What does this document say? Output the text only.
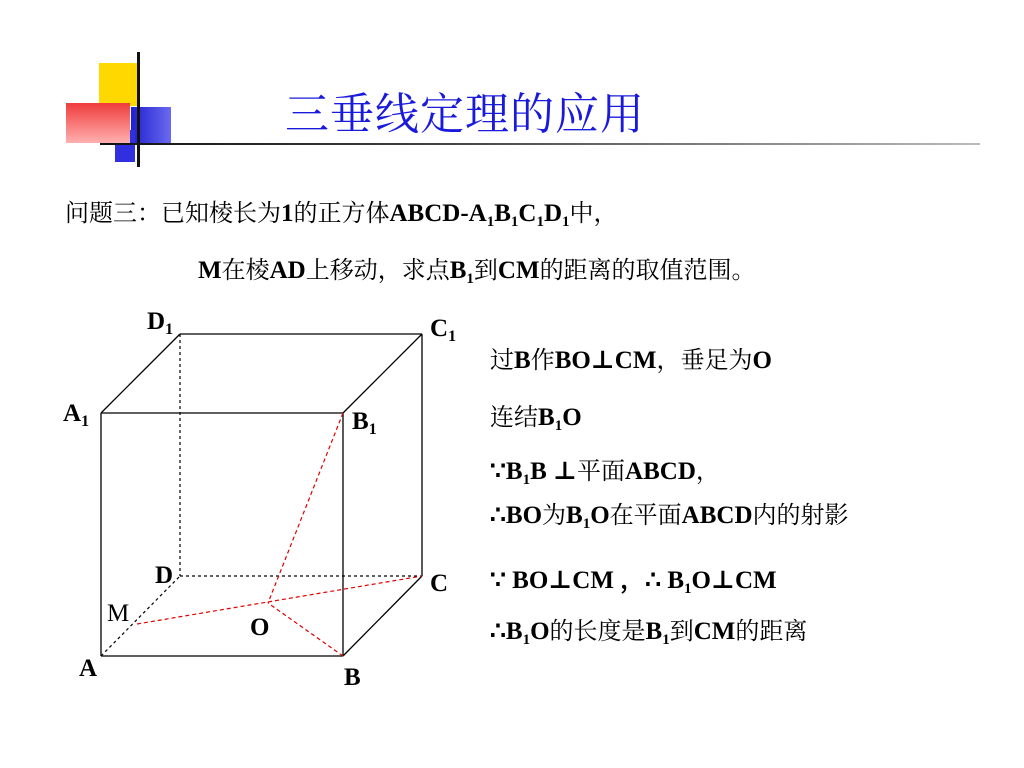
三垂线定理的应用
问题三：已知棱长为1的正方体ABCD-$A_1B_1C_1D_1$中，
M在棱AD上移动，求点$B_1$到CM的距离的取值范围。
过B作BO⊥CM，垂足为O
连结$B_1O$
$\because B_1B$ ⊥平面ABCD，
∴BO为$B_1O$在平面ABCD内的射影
∵ BO⊥CM ，∴ $B_1O\perp CM$
$\therefore B_1O$的长度是$B_1$到CM的距离
$D_1$	$C_1$
$A_1$	$B_1$
D	C
M
O
A	B
